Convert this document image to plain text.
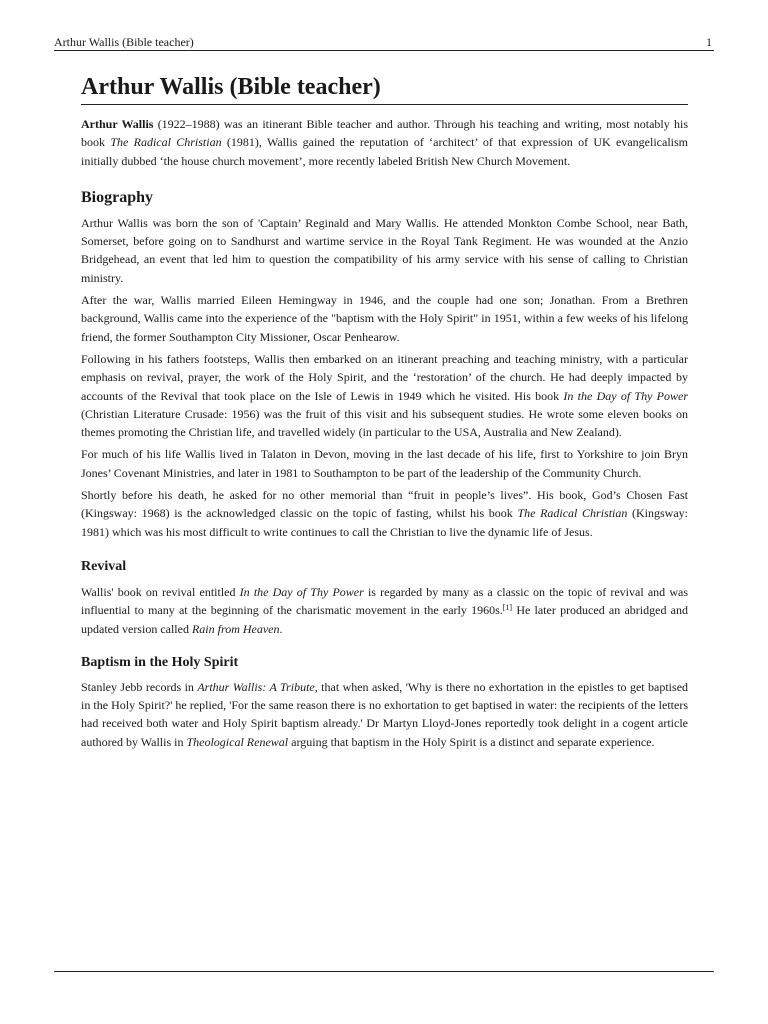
Arthur Wallis (Bible teacher)	1
Arthur Wallis (Bible teacher)

Arthur Wallis (1922–1988) was an itinerant Bible teacher and author. Through his teaching and writing, most notably his book The Radical Christian (1981), Wallis gained the reputation of ‘architect’ of that expression of UK evangelicalism initially dubbed ‘the house church movement’, more recently labeled British New Church Movement.

Biography

Arthur Wallis was born the son of 'Captain’ Reginald and Mary Wallis. He attended Monkton Combe School, near Bath, Somerset, before going on to Sandhurst and wartime service in the Royal Tank Regiment. He was wounded at the Anzio Bridgehead, an event that led him to question the compatibility of his army service with his sense of calling to Christian ministry.

After the war, Wallis married Eileen Hemingway in 1946, and the couple had one son; Jonathan. From a Brethren background, Wallis came into the experience of the "baptism with the Holy Spirit" in 1951, within a few weeks of his lifelong friend, the former Southampton City Missioner, Oscar Penhearow.

Following in his fathers footsteps, Wallis then embarked on an itinerant preaching and teaching ministry, with a particular emphasis on revival, prayer, the work of the Holy Spirit, and the ‘restoration’ of the church. He had deeply impacted by accounts of the Revival that took place on the Isle of Lewis in 1949 which he visited. His book In the Day of Thy Power (Christian Literature Crusade: 1956) was the fruit of this visit and his subsequent studies. He wrote some eleven books on themes promoting the Christian life, and travelled widely (in particular to the USA, Australia and New Zealand).

For much of his life Wallis lived in Talaton in Devon, moving in the last decade of his life, first to Yorkshire to join Bryn Jones’ Covenant Ministries, and later in 1981 to Southampton to be part of the leadership of the Community Church.

Shortly before his death, he asked for no other memorial than “fruit in people’s lives”. His book, God’s Chosen Fast (Kingsway: 1968) is the acknowledged classic on the topic of fasting, whilst his book The Radical Christian (Kingsway: 1981) which was his most difficult to write continues to call the Christian to live the dynamic life of Jesus.

Revival

Wallis' book on revival entitled In the Day of Thy Power is regarded by many as a classic on the topic of revival and was influential to many at the beginning of the charismatic movement in the early 1960s.[1] He later produced an abridged and updated version called Rain from Heaven.

Baptism in the Holy Spirit

Stanley Jebb records in Arthur Wallis: A Tribute, that when asked, 'Why is there no exhortation in the epistles to get baptised in the Holy Spirit?' he replied, 'For the same reason there is no exhortation to get baptised in water: the recipients of the letters had received both water and Holy Spirit baptism already.' Dr Martyn Lloyd-Jones reportedly took delight in a cogent article authored by Wallis in Theological Renewal arguing that baptism in the Holy Spirit is a distinct and separate experience.
